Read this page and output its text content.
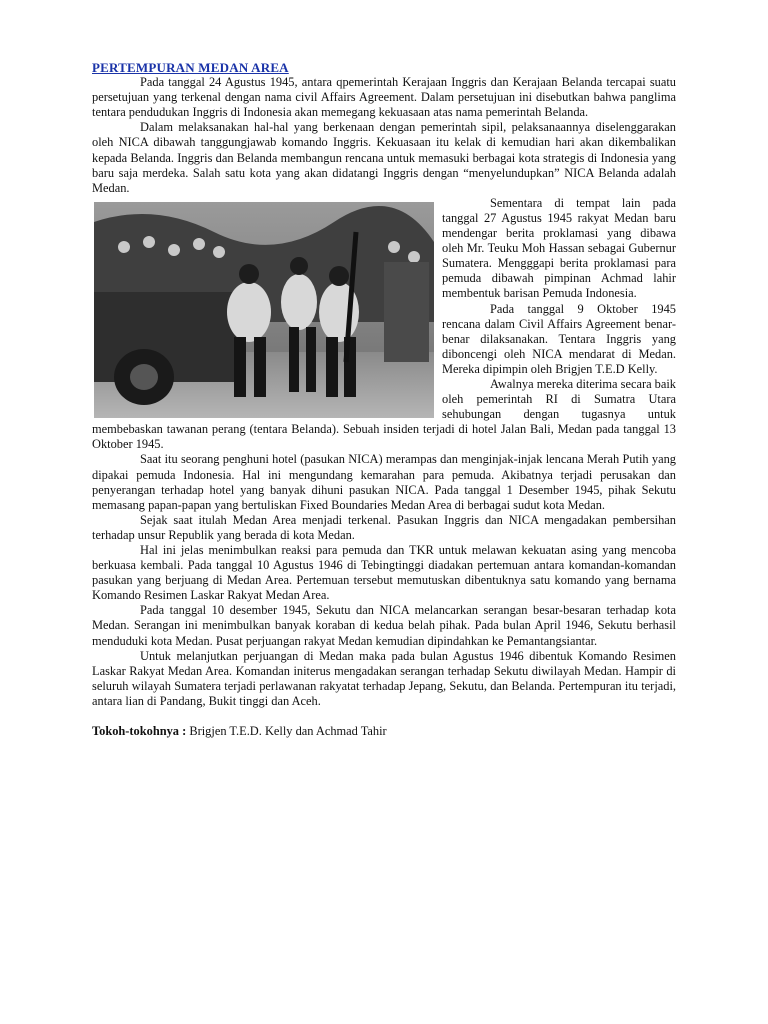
PERTEMPURAN MEDAN AREA

Pada tanggal 24 Agustus 1945, antara qpemerintah Kerajaan Inggris dan Kerajaan Belanda tercapai suatu persetujuan yang terkenal dengan nama civil Affairs Agreement. Dalam persetujuan ini disebutkan bahwa panglima tentara pendudukan Inggris di Indonesia akan memegang kekuasaan atas nama pemerintah Belanda.

Dalam melaksanakan hal-hal yang berkenaan dengan pemerintah sipil, pelaksanaannya diselenggarakan oleh NICA dibawah tanggungjawab komando Inggris. Kekuasaan itu kelak di kemudian hari akan dikembalikan kepada Belanda. Inggris dan Belanda membangun rencana untuk memasuki berbagai kota strategis di Indonesia yang baru saja merdeka. Salah satu kota yang akan didatangi Inggris dengan “menyelundupkan” NICA Belanda adalah Medan.

Sementara di tempat lain pada tanggal 27 Agustus 1945 rakyat Medan baru mendengar berita proklamasi yang dibawa oleh Mr. Teuku Moh Hassan sebagai Gubernur Sumatera. Mengggapi berita proklamasi para pemuda dibawah pimpinan Achmad lahir membentuk barisan Pemuda Indonesia.

Pada tanggal 9 Oktober 1945 rencana dalam Civil Affairs Agreement benar-benar dilaksanakan. Tentara Inggris yang diboncengi oleh NICA mendarat di Medan. Mereka dipimpin oleh Brigjen T.E.D Kelly.

Awalnya mereka diterima secara baik oleh pemerintah RI di Sumatra Utara sehubungan dengan tugasnya untuk membebaskan tawanan perang (tentara Belanda). Sebuah insiden terjadi di hotel Jalan Bali, Medan pada tanggal 13 Oktober 1945.

Saat itu seorang penghuni hotel (pasukan NICA) merampas dan menginjak-injak lencana Merah Putih yang dipakai pemuda Indonesia. Hal ini mengundang kemarahan para pemuda. Akibatnya terjadi perusakan dan penyerangan terhadap hotel yang banyak dihuni pasukan NICA. Pada tanggal 1 Desember 1945, pihak Sekutu memasang papan-papan yang bertuliskan Fixed Boundaries Medan Area di berbagai sudut kota Medan.

Sejak saat itulah Medan Area menjadi terkenal. Pasukan Inggris dan NICA mengadakan pembersihan terhadap unsur Republik yang berada di kota Medan.

Hal ini jelas menimbulkan reaksi para pemuda dan TKR untuk melawan kekuatan asing yang mencoba berkuasa kembali. Pada tanggal 10 Agustus 1946 di Tebingtinggi diadakan pertemuan antara komandan-komandan pasukan yang berjuang di Medan Area. Pertemuan tersebut memutuskan dibentuknya satu komando yang bernama Komando Resimen Laskar Rakyat Medan Area.

Pada tanggal 10 desember 1945, Sekutu dan NICA melancarkan serangan besar-besaran terhadap kota Medan. Serangan ini menimbulkan banyak koraban di kedua belah pihak. Pada bulan April 1946, Sekutu berhasil menduduki kota Medan. Pusat perjuangan rakyat Medan kemudian dipindahkan ke Pemantangsiantar.

Untuk melanjutkan perjuangan di Medan maka pada bulan Agustus 1946 dibentuk Komando Resimen Laskar Rakyat Medan Area. Komandan initerus mengadakan serangan terhadap Sekutu diwilayah Medan. Hampir di seluruh wilayah Sumatera terjadi perlawanan rakyatat terhadap Jepang, Sekutu, dan Belanda. Pertempuran itu terjadi, antara lian di Pandang, Bukit tinggi dan Aceh.

Tokoh-tokohnya : Brigjen T.E.D. Kelly dan Achmad Tahir
